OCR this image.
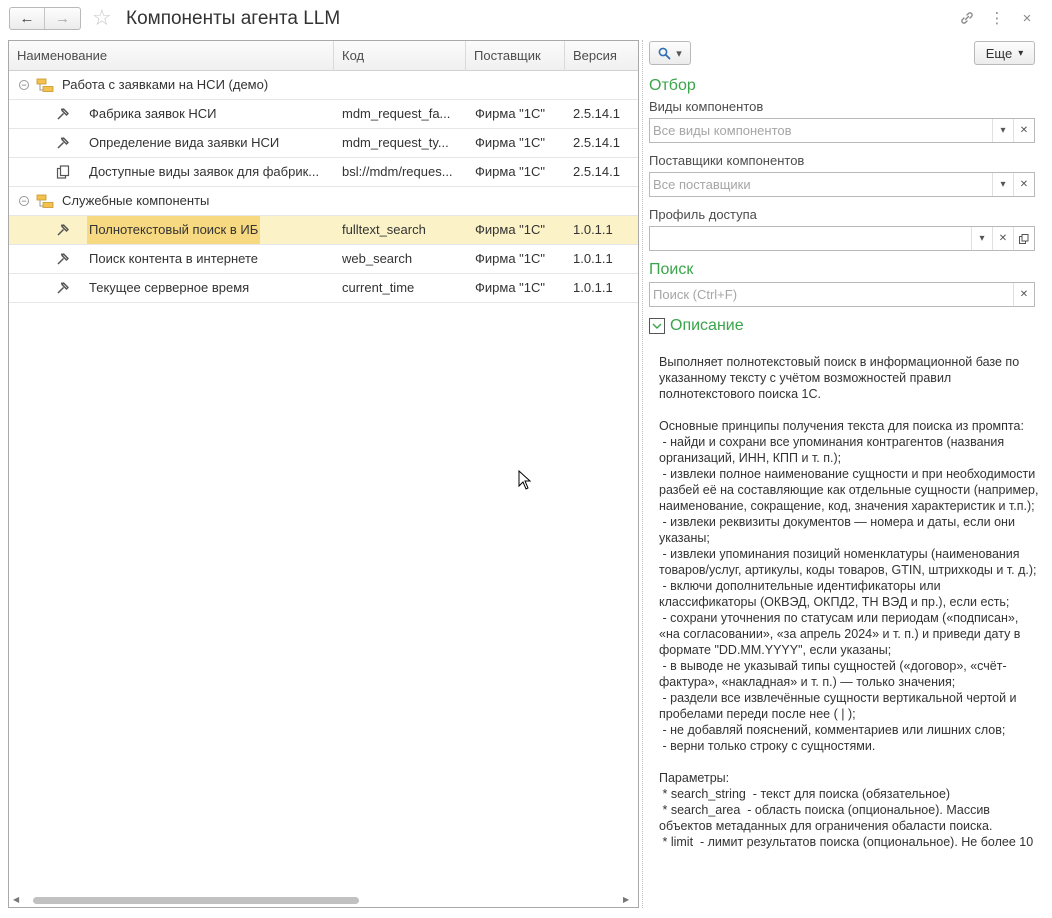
← → ☆ Компоненты агента LLM	⋮	×
Наименование	Код	Поставщик	Версия
−	Работа с заявками на НСИ (демо)
Фабрика заявок НСИ	mdm_request_fa...	Фирма "1С"	2.5.14.1
Определение вида заявки НСИ	mdm_request_ty...	Фирма "1С"	2.5.14.1
Доступные виды заявок для фабрик...	bsl://mdm/reques...	Фирма "1С"	2.5.14.1
−	Служебные компоненты
Полнотекстовый поиск в ИБ	fulltext_search	Фирма "1С"	1.0.1.1
Поиск контента в интернете	web_search	Фирма "1С"	1.0.1.1
Текущее серверное время	current_time	Фирма "1С"	1.0.1.1
◀	▶
▾	Еще ▾
Отбор
Виды компонентов
Все виды компонентов	▾	✕
Поставщики компонентов
Все поставщики	▾	✕
Профиль доступа
▾	✕
Поиск
Поиск (Ctrl+F)	✕
Описание
Выполняет полнотекстовый поиск в информационной базе по указанному тексту с учётом возможностей правил полнотекстового поиска 1С.

Основные принципы получения текста для поиска из промпта:
- найди и сохрани все упоминания контрагентов (названия организаций, ИНН, КПП и т. п.);
- извлеки полное наименование сущности и при необходимости разбей её на составляющие как отдельные сущности (например, наименование, сокращение, код, значения характеристик и т.п.);
- извлеки реквизиты документов — номера и даты, если они указаны;
- извлеки упоминания позиций номенклатуры (наименования товаров/услуг, артикулы, коды товаров, GTIN, штрихкоды и т. д.);
- включи дополнительные идентификаторы или классификаторы (ОКВЭД, ОКПД2, ТН ВЭД и пр.), если есть;
- сохрани уточнения по статусам или периодам («подписан», «на согласовании», «за апрель 2024» и т. п.) и приведи дату в формате "DD.MM.YYYY", если указаны;
- в выводе не указывай типы сущностей («договор», «счёт-фактура», «накладная» и т. п.) — только значения;
- раздели все извлечённые сущности вертикальной чертой и пробелами переди после нее ( | );
- не добавляй пояснений, комментариев или лишних слов;
- верни только строку с сущностями.

Параметры:
* search_string  - текст для поиска (обязательное)
* search_area  - область поиска (опциональное). Массив объектов метаданных для ограничения обаласти поиска.
* limit  - лимит результатов поиска (опциональное). Не более 10
